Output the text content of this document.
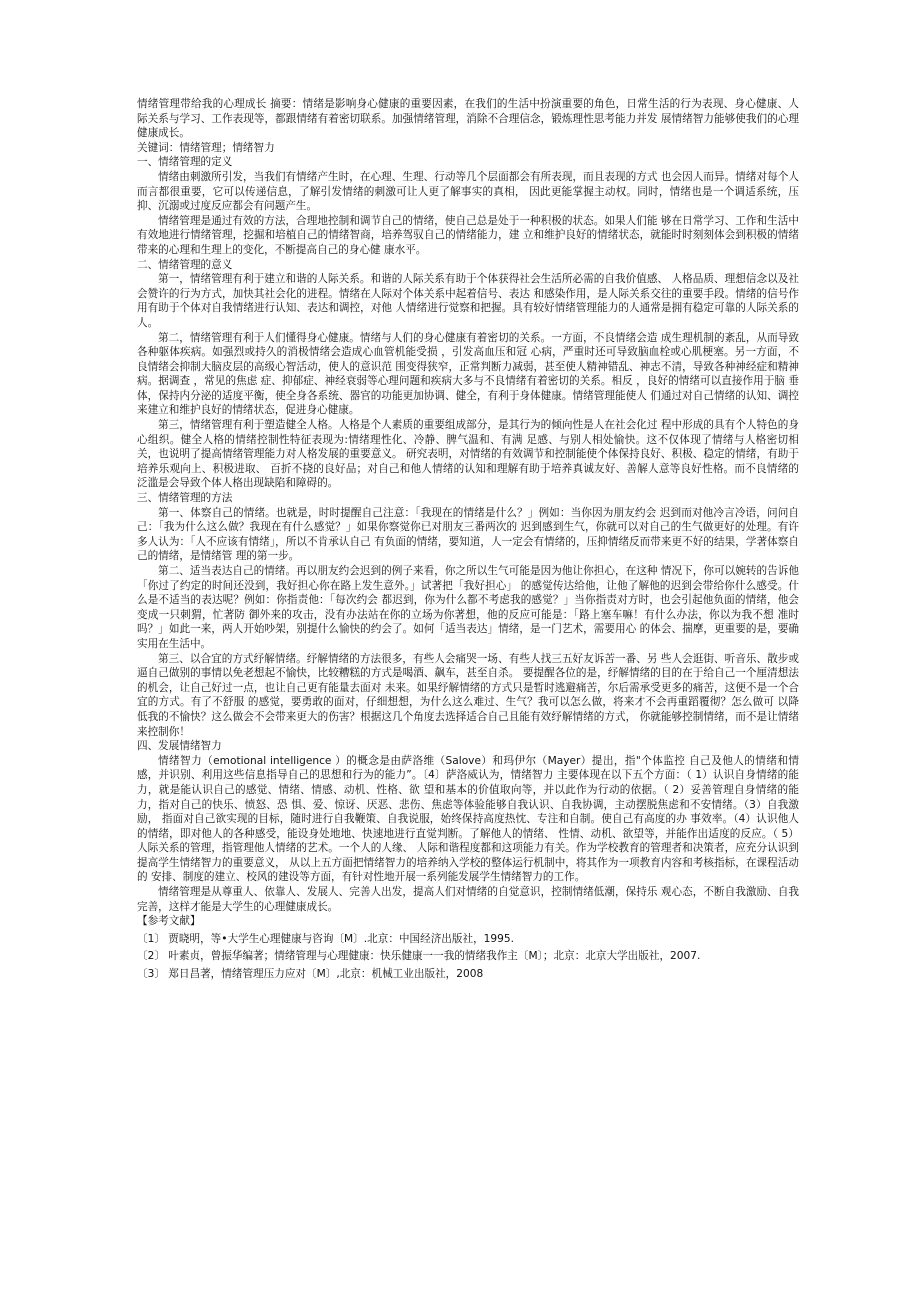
情绪管理带给我的心理成长 摘要：情绪是影响身心健康的重要因素，在我们的生活中扮演重要的角色，日常生活的行为表现、身心健康、人 际关系与学习、工作表现等，都跟情绪有着密切联系。加强情绪管理，消除不合理信念，锻炼理性思考能力并发 展情绪智力能够使我们的心理健康成长。

关键词：情绪管理；情绪智力

一、情绪管理的定义

情绪由刺激所引发，当我们有情绪产生时，在心理、生理、行动等几个层面都会有所表现，而且表现的方式 也会因人而异。情绪对每个人而言都很重要，它可以传递信息，了解引发情绪的刺激可让人更了解事实的真相， 因此更能掌握主动权。同时，情绪也是一个调适系统，压抑、沉溺或过度反应都会有问题产生。

情绪管理是通过有效的方法，合理地控制和调节自己的情绪，使自己总是处于一种积极的状态。如果人们能 够在日常学习、工作和生活中有效地进行情绪管理，挖掘和培植自己的情绪智商，培养驾驭自己的情绪能力，建 立和维护良好的情绪状态，就能时时刻刻体会到积极的情绪带来的心理和生理上的变化，不断提高自己的身心健 康水平。

二、情绪管理的意义

第一，情绪管理有利于建立和谐的人际关系。和谐的人际关系有助于个体获得社会生活所必需的自我价值感、 人格品质、理想信念以及社会赞许的行为方式，加快其社会化的进程。情绪在人际对个体关系中起着信号、表达 和感染作用，是人际关系交往的重要手段。情绪的信号作用有助于个体对自我情绪进行认知、表达和调控，对他 人情绪进行觉察和把握。具有较好情绪管理能力的人通常是拥有稳定可靠的人际关系的人。

第二，情绪管理有利于人们懂得身心健康。情绪与人们的身心健康有着密切的关系。一方面，不良情绪会造 成生理机制的紊乱，从而导致各种躯体疾病。如强烈或持久的消极情绪会造成心血管机能受损 ，引发高血压和冠 心病，严重时还可导致脑血栓或心肌梗塞。另一方面，不良情绪会抑制大脑皮层的高级心智活动，使人的意识范 围变得狭窄，正常判断力减弱，甚至使人精神错乱、神志不清，导致各种神经症和精神病。据调查 ，常见的焦虑 症、抑郁症、神经衰弱等心理问题和疾病大多与不良情绪有着密切的关系。相反 ，良好的情绪可以直接作用于脑 垂体，保持内分泌的适度平衡，使全身各系统、器官的功能更加协调、健全，有利于身体健康。情绪管理能使人 们通过对自己情绪的认知、调控来建立和维护良好的情绪状态，促进身心健康。

第三，情绪管理有利于塑造健全人格。人格是个人素质的重要组成部分，是其行为的倾向性是人在社会化过 程中形成的具有个人特色的身心组织。健全人格的情绪控制性特征表现为:情绪理性化、冷静、脾气温和、有满 足感、与别人相处愉快。这不仅体现了情绪与人格密切相关，也说明了提高情绪管理能力对人格发展的重要意义。 研究表明，对情绪的有效调节和控制能使个体保持良好、积极、稳定的情绪，有助于培养乐观向上、积极进取、 百折不挠的良好品；对自己和他人情绪的认知和理解有助于培养真诚友好、善解人意等良好性格。而不良情绪的 泛滥是会导致个体人格出现缺陷和障碍的。

三、情绪管理的方法

第一、体察自己的情绪。也就是，时时提醒自己注意：「我现在的情绪是什么？」例如：当你因为朋友约会 迟到而对他冷言冷语，问问自己：「我为什么这么做？我现在有什么感觉？」如果你察觉你已对朋友三番两次的 迟到感到生气，你就可以对自己的生气做更好的处理。有许多人认为：「人不应该有情绪」，所以不肯承认自己 有负面的情绪，要知道，人一定会有情绪的，压抑情绪反而带来更不好的结果，学著体察自己的情绪，是情绪管 理的第一步。

第二、适当表达自己的情绪。再以朋友约会迟到的例子来看，你之所以生气可能是因为他让你担心，在这种 情况下，你可以婉转的告诉他「你过了约定的时间还没到，我好担心你在路上发生意外。」试著把「我好担心」 的感觉传达给他，让他了解他的迟到会带给你什么感受。什么是不适当的表达呢？例如：你指责他：「每次约会 都迟到，你为什么都不考虑我的感觉？」当你指责对方时，也会引起他负面的情绪，他会变成一只刺猬，忙著防 御外来的攻击，没有办法站在你的立场为你著想，他的反应可能是：「路上塞车嘛！有什么办法，你以为我不想 准时吗？」如此一来，两人开始吵架，别提什么愉快的约会了。如何「适当表达」情绪，是一门艺术，需要用心 的体会、揣摩，更重要的是，要确实用在生活中。

第三、以合宜的方式纾解情绪。纾解情绪的方法很多，有些人会痛哭一场、有些人找三五好友诉苦一番、另 些人会逛街、听音乐、散步或逼自己做别的事情以免老想起不愉快，比较糟糕的方式是喝酒、飙车，甚至自杀。 要提醒各位的是，纾解情绪的目的在于给自己一个厘清想法的机会，让自己好过一点，也让自己更有能量去面对 未来。如果纾解情绪的方式只是暂时逃避痛苦，尔后需承受更多的痛苦，这便不是一个合宜的方式。有了不舒服 的感觉，要勇敢的面对，仔细想想，为什么这么难过、生气？我可以怎么做，将来才不会再重蹈覆彻？怎么做可 以降低我的不愉快？这么做会不会带来更大的伤害？根据这几个角度去选择适合自己且能有效纾解情绪的方式， 你就能够控制情绪，而不是让情绪来控制你！

四、发展情绪智力

情绪智力（emotional intelligence ）的概念是由萨洛维（Salove）和玛伊尔（Mayer）提出，指"个体监控 自己及他人的情绪和情感，并识别、利用这些信息指导自己的思想和行为的能力”。〔4〕萨洛威认为，情绪智力 主要体现在以下五个方面：（ 1）认识自身情绪的能力，就是能认识自己的感觉、情绪、情感、动机、性格、欲 望和基本的价值取向等，并以此作为行动的依据。（ 2）妥善管理自身情绪的能力，指对自己的快乐、愤怒、恐 惧、爱、惊讶、厌恶、悲伤、焦虑等体验能够自我认识、自我协调，主动摆脱焦虑和不安情绪。（3）自我激励， 指面对自己欲实现的目标，随时进行自我鞭策、自我说服，始终保持高度热忱、专注和自制。使自己有高度的办 事效率。（4）认识他人的情绪，即对他人的各种感受，能设身处地地、快速地进行直觉判断。了解他人的情绪、 性情、动机、欲望等，并能作出适度的反应。（ 5）人际关系的管理，指管理他人情绪的艺术。一个人的人缘、 人际和谐程度都和这项能力有关。作为学校教育的管理者和决策者，应充分认识到提高学生情绪智力的重要意义， 从以上五方面把情绪智力的培养纳入学校的整体运行机制中，将其作为一项教育内容和考核指标，在课程活动的 安排、制度的建立、校风的建设等方面，有针对性地开展一系列能发展学生情绪智力的工作。

情绪管理是从尊重人、依靠人、发展人、完善人出发，提高人们对情绪的自觉意识，控制情绪低潮，保持乐 观心态，不断自我激励、自我完善，这样才能是大学生的心理健康成长。

【参考文献】

〔1〕 贾晓明，等•大学生心理健康与咨询〔M〕.北京：中国经济出版社，1995.

〔2〕 叶素贞，曾振华编著；情绪管理与心理健康：快乐健康一一我的情绪我作主〔M〕；北京：北京大学出版社，2007.

〔3〕 郑日昌著，情绪管理压力应对〔M〕,北京：机械工业出版社，2008
